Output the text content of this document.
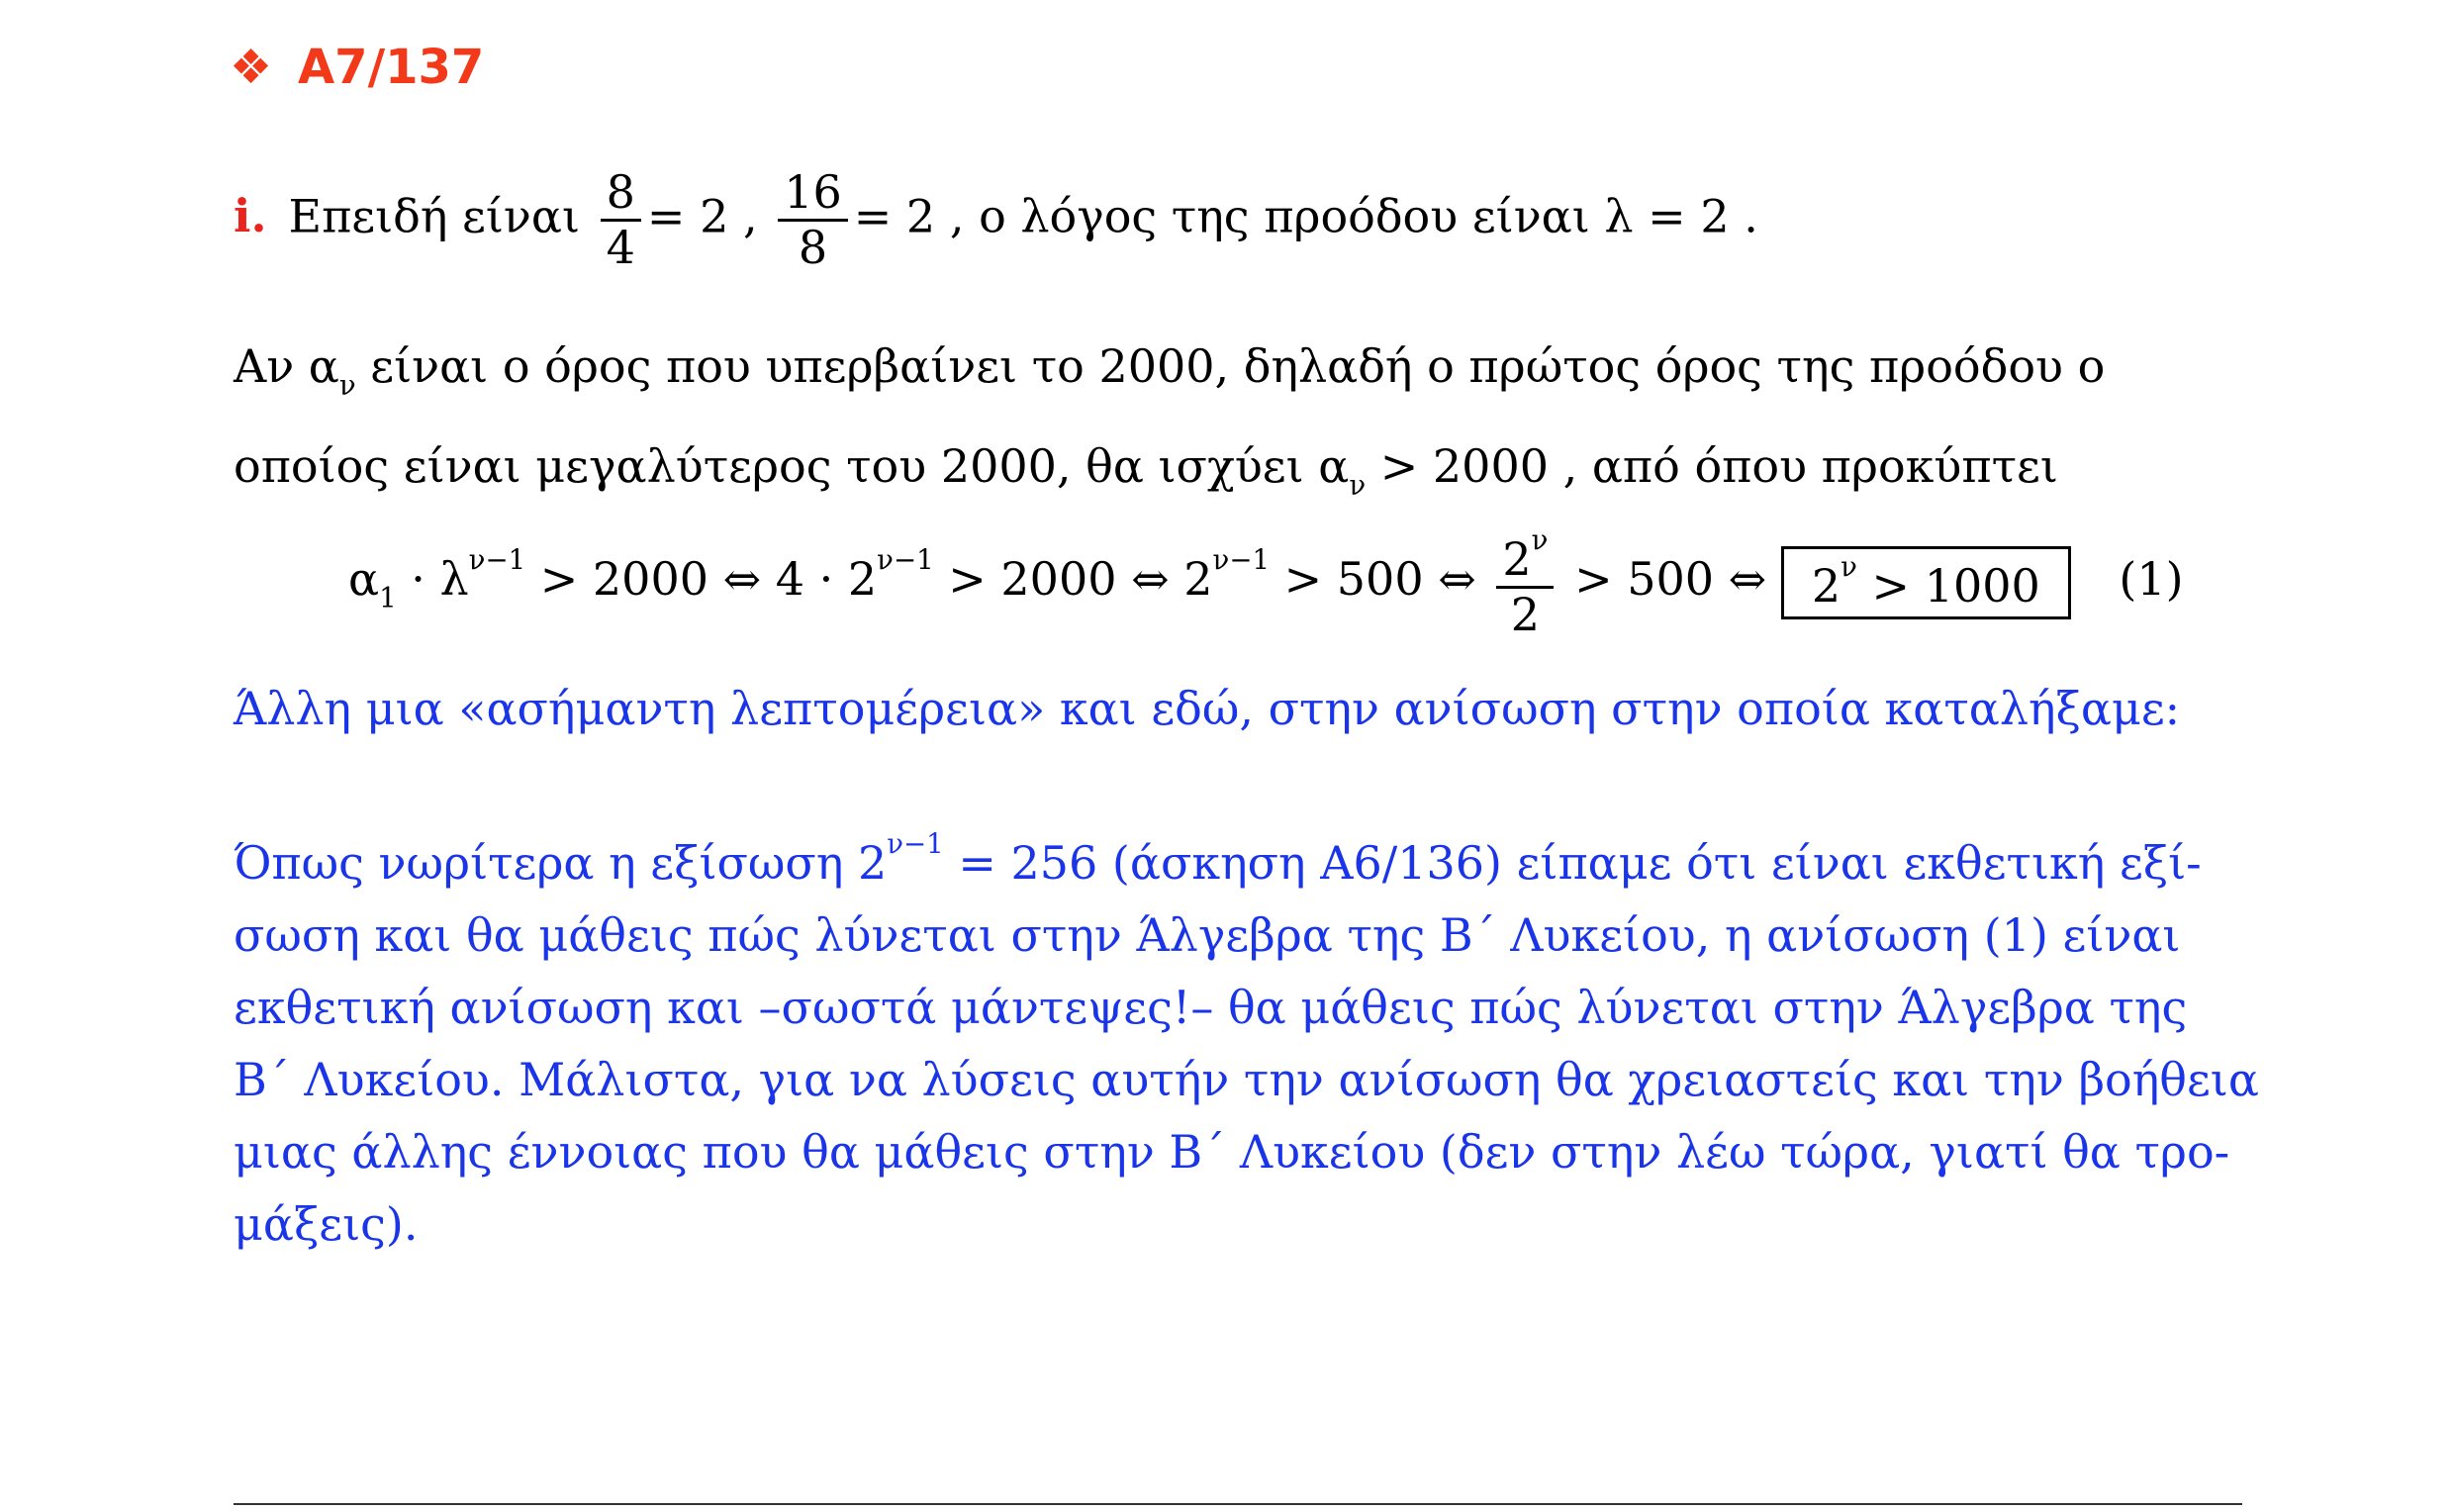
❖ A7/137
i. Επειδή είναι $\frac{8}{4} = 2$ , $\frac{16}{8} = 2$ , ο λόγος της προόδου είναι λ = 2 .
Αν $\alpha_\nu$ είναι ο όρος που υπερβαίνει το 2000, δηλαδή ο πρώτος όρος της προόδου ο
οποίος είναι μεγαλύτερος του 2000, θα ισχύει $\alpha_\nu > 2000$ , από όπου προκύπτει
$\alpha_1 \cdot \lambda^{\nu-1} > 2000$ ⇔ $4 \cdot 2^{\nu-1} > 2000$ ⇔ $2^{\nu-1} > 500$ ⇔ $\frac{2^\nu}{2} > 500$ ⇔ $2^\nu > 1000$ (1)
Άλλη μια «ασήμαντη λεπτομέρεια» και εδώ, στην ανίσωση στην οποία καταλήξαμε:
Όπως νωρίτερα η εξίσωση $2^{\nu-1} = 256$ (άσκηση A6/136) είπαμε ότι είναι εκθετική εξί-
σωση και θα μάθεις πώς λύνεται στην Άλγεβρα της Β΄ Λυκείου, η ανίσωση (1) είναι
εκθετική ανίσωση και –σωστά μάντεψες!– θα μάθεις πώς λύνεται στην Άλγεβρα της
Β΄ Λυκείου. Μάλιστα, για να λύσεις αυτήν την ανίσωση θα χρειαστείς και την βοήθεια
μιας άλλης έννοιας που θα μάθεις στην Β΄ Λυκείου (δεν στην λέω τώρα, γιατί θα τρο-
μάξεις).
